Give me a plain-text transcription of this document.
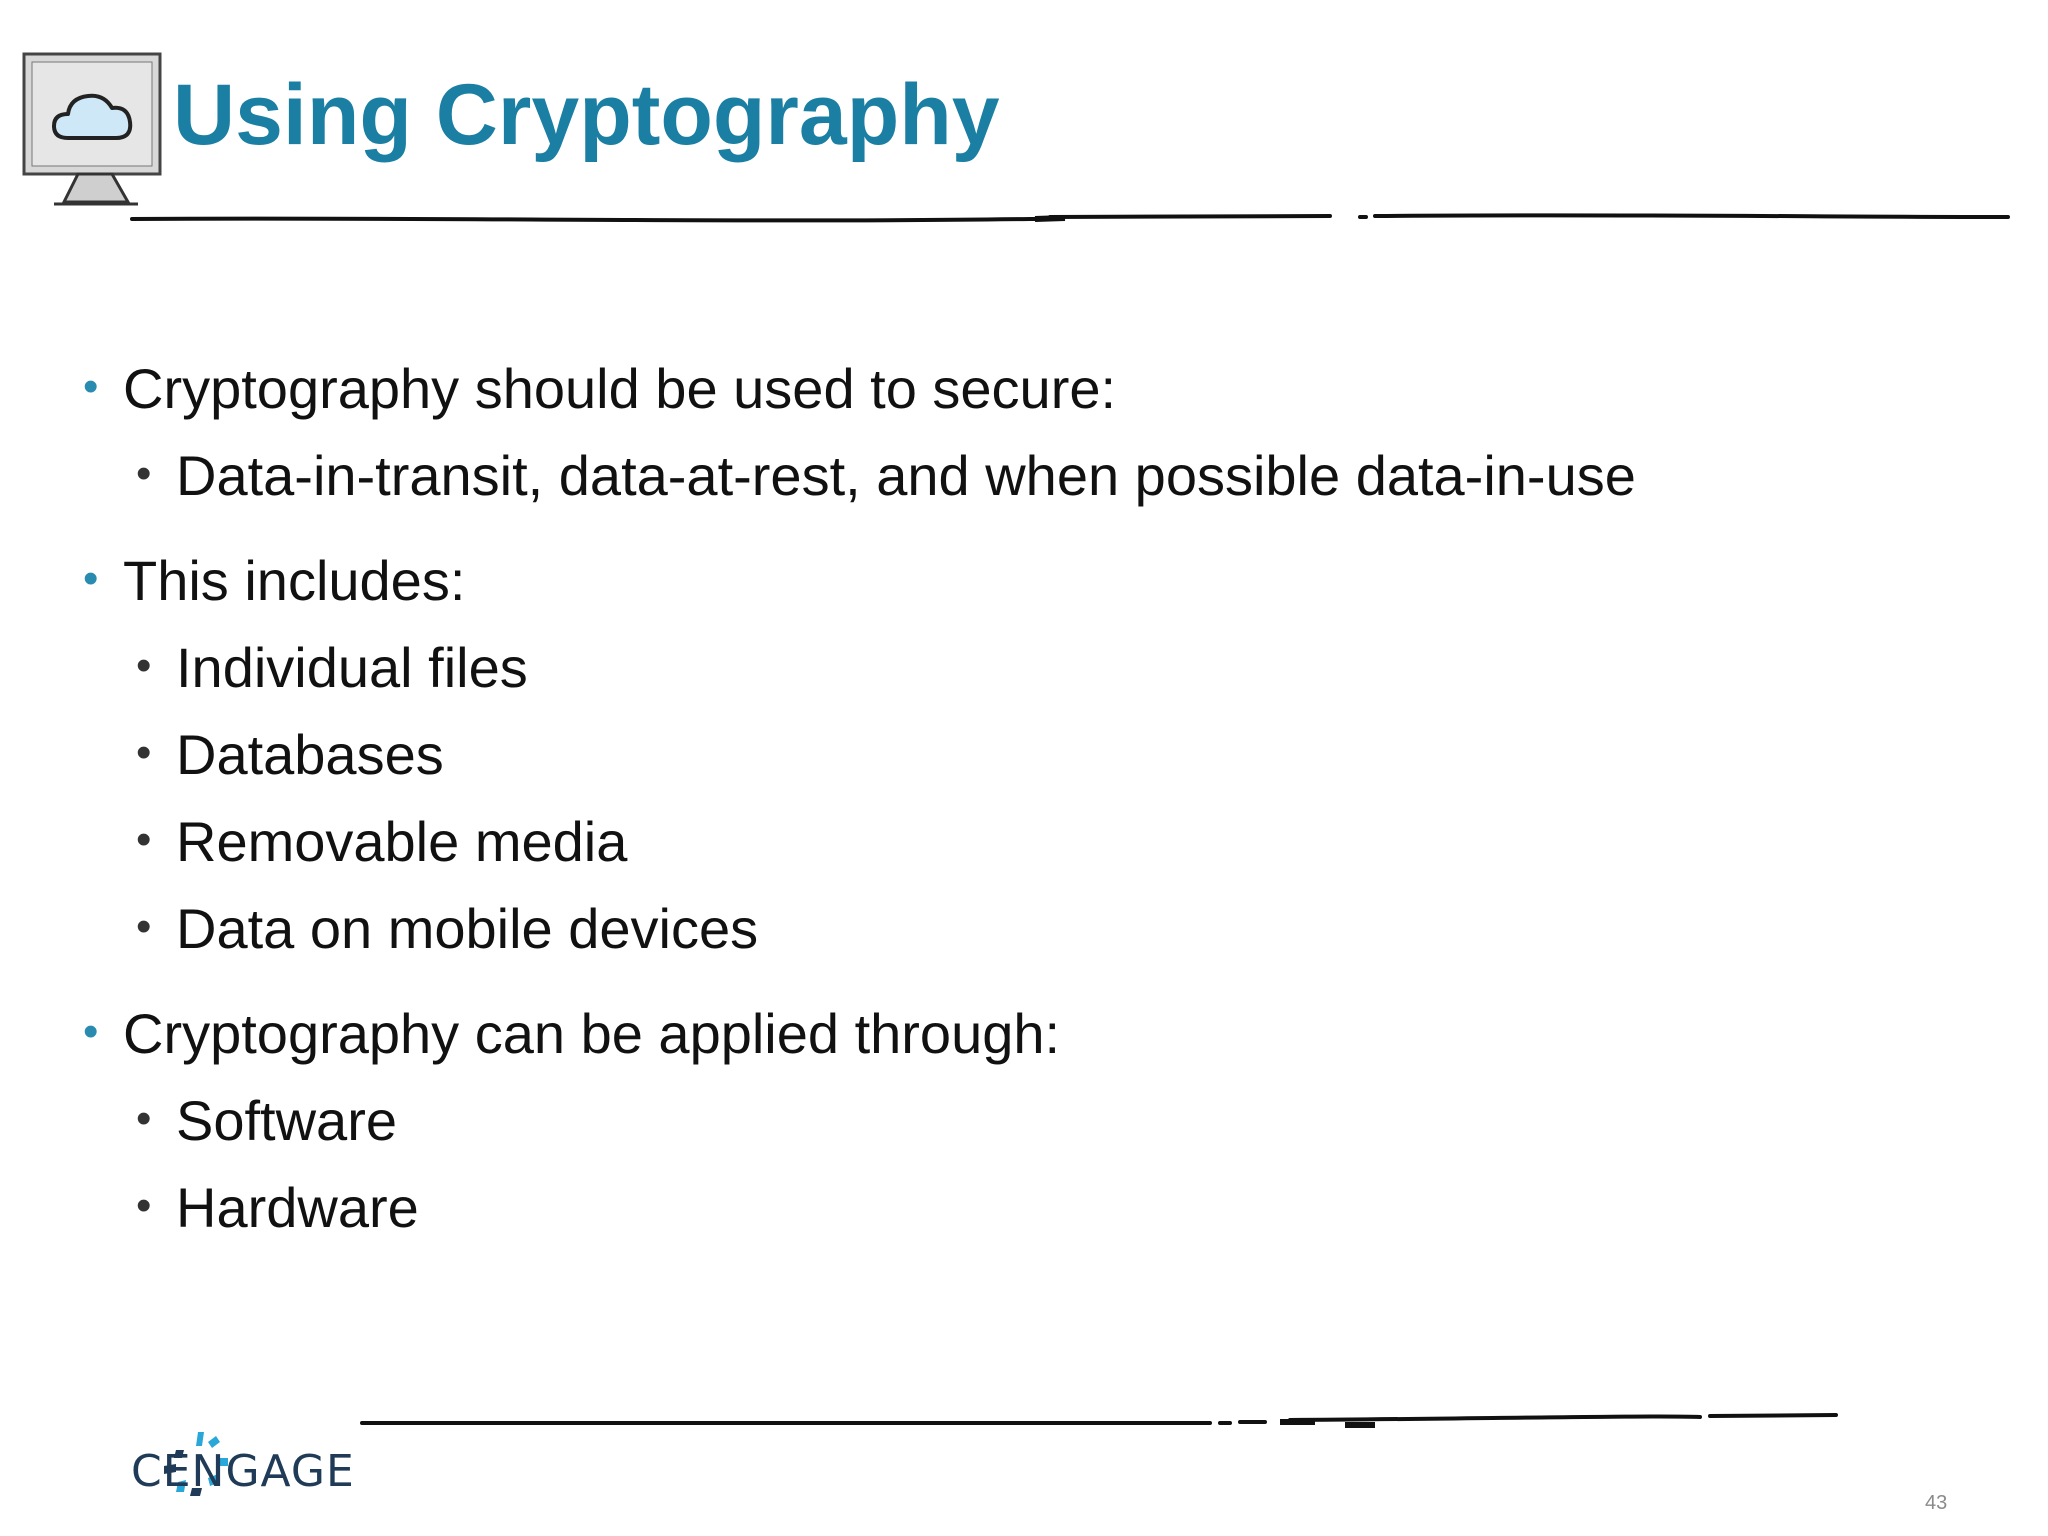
Using Cryptography
• Cryptography should be used to secure:
• Data-in-transit, data-at-rest, and when possible data-in-use
• This includes:
• Individual files
• Databases
• Removable media
• Data on mobile devices
• Cryptography can be applied through:
• Software
• Hardware
CENGAGE
43
